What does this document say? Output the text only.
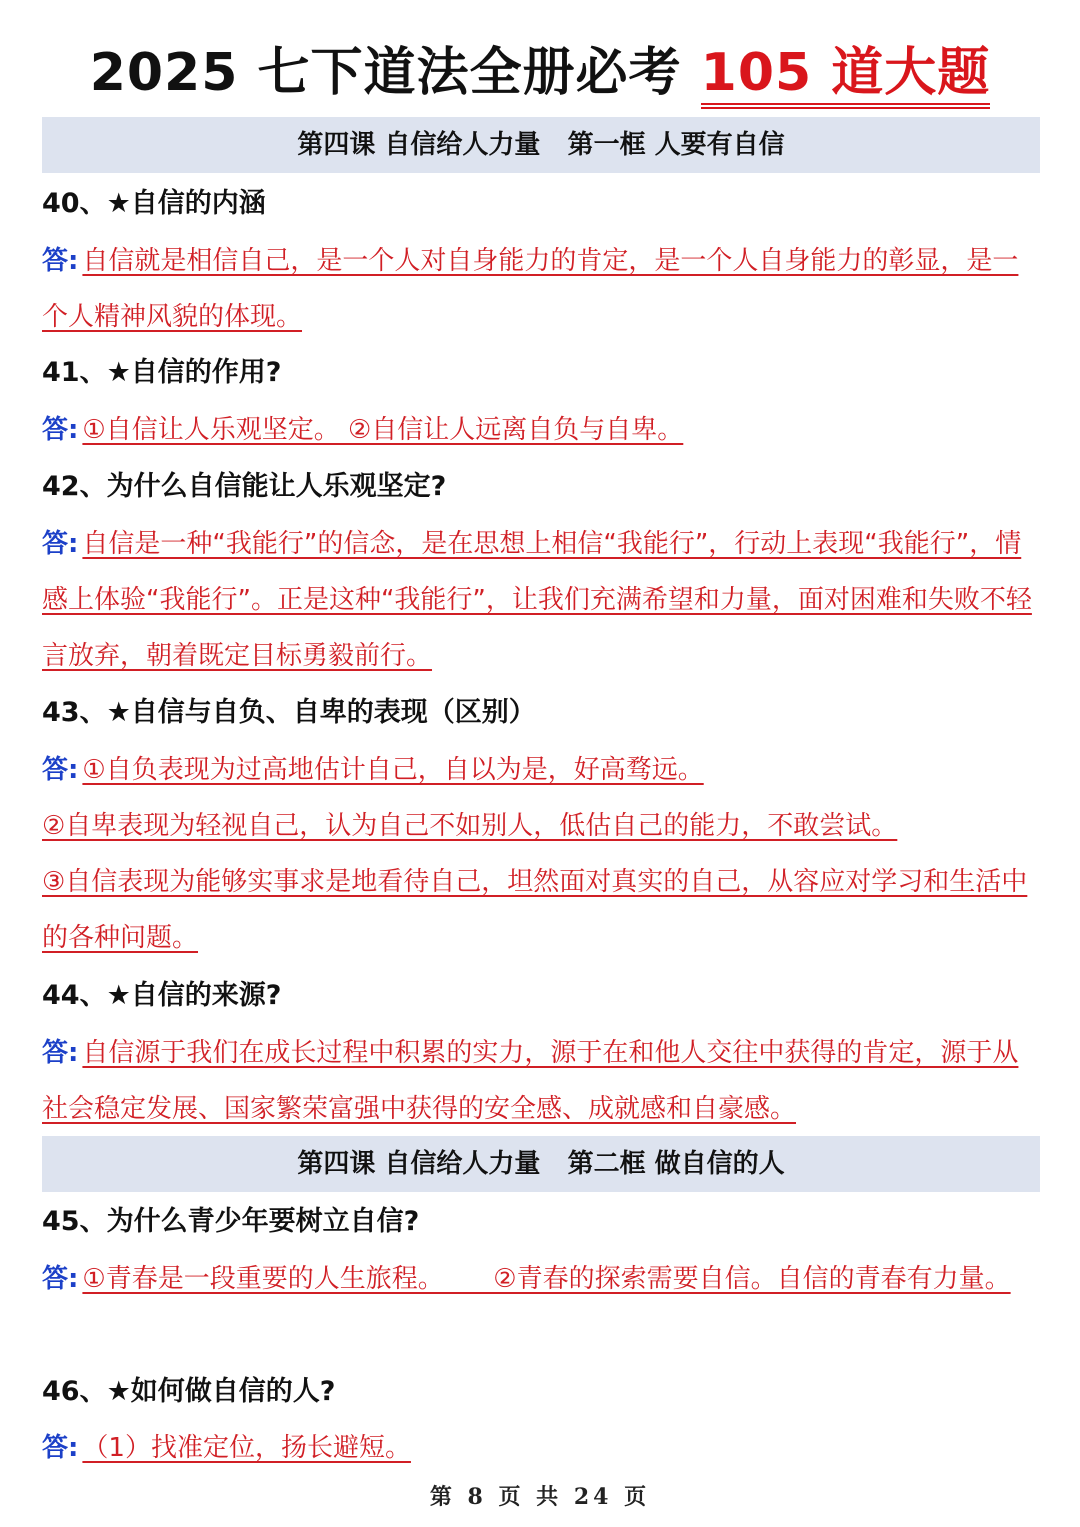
2025 七下道法全册必考 105 道大题
第四课 自信给人力量   第一框 人要有自信
40、★自信的内涵
答: 自信就是相信自己，是一个人对自身能力的肯定，是一个人自身能力的彰显，是一个人精神风貌的体现。
41、★自信的作用?
答: ①自信让人乐观坚定。 ②自信让人远离自负与自卑。
42、为什么自信能让人乐观坚定?
答: 自信是一种“我能行”的信念，是在思想上相信“我能行”，行动上表现“我能行”，情感上体验“我能行”。正是这种“我能行”，让我们充满希望和力量，面对困难和失败不轻言放弃，朝着既定目标勇毅前行。
43、★自信与自负、自卑的表现（区别）
答: ①自负表现为过高地估计自己，自以为是，好高骛远。
②自卑表现为轻视自己，认为自己不如别人，低估自己的能力，不敢尝试。
③自信表现为能够实事求是地看待自己，坦然面对真实的自己，从容应对学习和生活中的各种问题。
44、★自信的来源?
答: 自信源于我们在成长过程中积累的实力，源于在和他人交往中获得的肯定，源于从社会稳定发展、国家繁荣富强中获得的安全感、成就感和自豪感。
第四课 自信给人力量   第二框 做自信的人
45、为什么青少年要树立自信?
答: ①青春是一段重要的人生旅程。      ②青春的探索需要自信。自信的青春有力量。
46、★如何做自信的人?
答: （1）找准定位，扬长避短。
第 8 页 共 24 页
